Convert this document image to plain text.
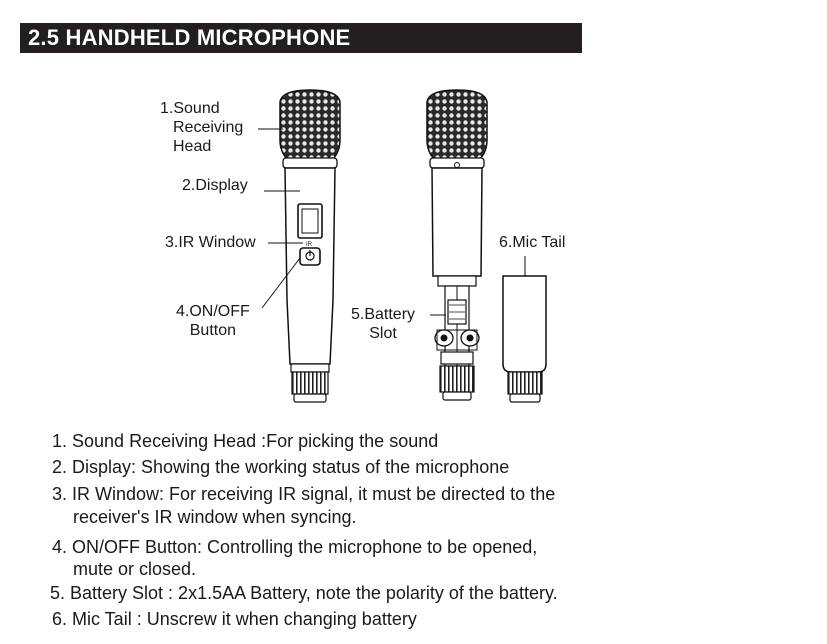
2.5 HANDHELD MICROPHONE
IR
1.Sound
Receiving
Head
2.Display
3.IR Window
4.ON/OFF
Button
5.Battery
Slot
6.Mic Tail
1. Sound Receiving Head :For picking the sound
2. Display: Showing the working status of the microphone
3. IR Window: For receiving IR signal, it must be directed to the
receiver's IR window when syncing.
4. ON/OFF Button: Controlling the microphone to be opened,
mute or closed.
5. Battery Slot : 2x1.5AA Battery, note the polarity of the battery.
6. Mic Tail : Unscrew it when changing battery
